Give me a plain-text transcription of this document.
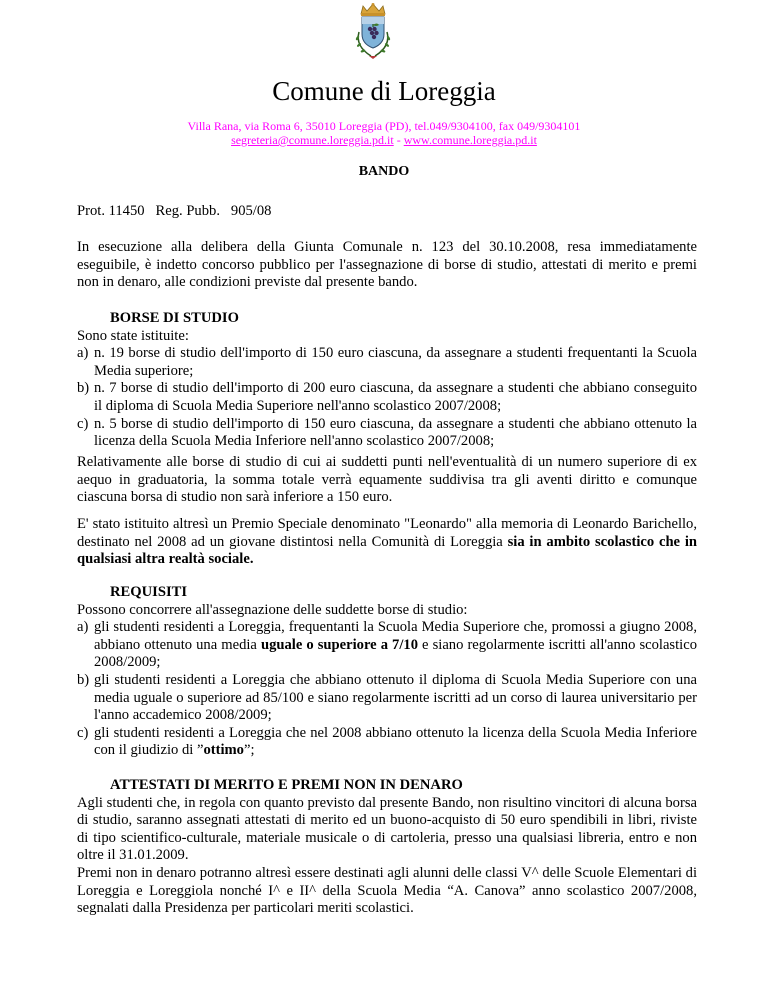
Comune di Loreggia
Villa Rana, via Roma 6, 35010 Loreggia (PD), tel.049/9304100, fax 049/9304101
segreteria@comune.loreggia.pd.it - www.comune.loreggia.pd.it
BANDO

Prot. 11450   Reg. Pubb.   905/08

In esecuzione alla delibera della Giunta Comunale n. 123 del 30.10.2008, resa immediatamente eseguibile, è indetto concorso pubblico per l'assegnazione di borse di studio, attestati di merito e premi non in denaro, alle condizioni previste dal presente bando.

BORSE DI STUDIO

Sono state istituite:

a) n. 19 borse di studio dell'importo di 150 euro ciascuna, da assegnare a studenti frequentanti la Scuola Media superiore;
b) n. 7 borse di studio dell'importo di 200 euro ciascuna, da assegnare a studenti che abbiano conseguito il diploma di Scuola Media Superiore nell'anno scolastico 2007/2008;
c) n. 5 borse di studio dell'importo di 150 euro ciascuna, da assegnare a studenti che abbiano ottenuto la licenza della Scuola Media Inferiore nell'anno scolastico 2007/2008;

Relativamente alle borse di studio di cui ai suddetti punti nell'eventualità di un numero superiore di ex aequo in graduatoria, la somma totale verrà equamente suddivisa tra gli aventi diritto e comunque ciascuna borsa di studio non sarà inferiore a 150 euro.

E' stato istituito altresì un Premio Speciale denominato "Leonardo" alla memoria di Leonardo Barichello, destinato nel 2008 ad un giovane distintosi nella Comunità di Loreggia sia in ambito scolastico che in qualsiasi altra realtà sociale.

REQUISITI

Possono concorrere all'assegnazione delle suddette borse di studio:

a) gli studenti residenti a Loreggia, frequentanti la Scuola Media Superiore che, promossi a giugno 2008, abbiano ottenuto una media uguale o superiore a 7/10 e siano regolarmente iscritti all'anno scolastico 2008/2009;
b) gli studenti residenti a Loreggia che abbiano ottenuto il diploma di Scuola Media Superiore con una media uguale o superiore ad 85/100 e siano regolarmente iscritti ad un corso di laurea universitario per l'anno accademico 2008/2009;
c) gli studenti residenti a Loreggia che nel 2008 abbiano ottenuto la licenza della Scuola Media Inferiore con il giudizio di ”ottimo”;

ATTESTATI DI MERITO E PREMI NON IN DENARO

Agli studenti che, in regola con quanto previsto dal presente Bando, non risultino vincitori di alcuna borsa di studio, saranno assegnati attestati di merito ed un buono-acquisto di 50 euro spendibili in libri, riviste di tipo scientifico-culturale, materiale musicale o di cartoleria, presso una qualsiasi libreria, entro e non oltre il 31.01.2009.

Premi non in denaro potranno altresì essere destinati agli alunni delle classi V^ delle Scuole Elementari di Loreggia e Loreggiola nonché I^ e II^ della Scuola Media “A. Canova” anno scolastico 2007/2008, segnalati dalla Presidenza per particolari meriti scolastici.
